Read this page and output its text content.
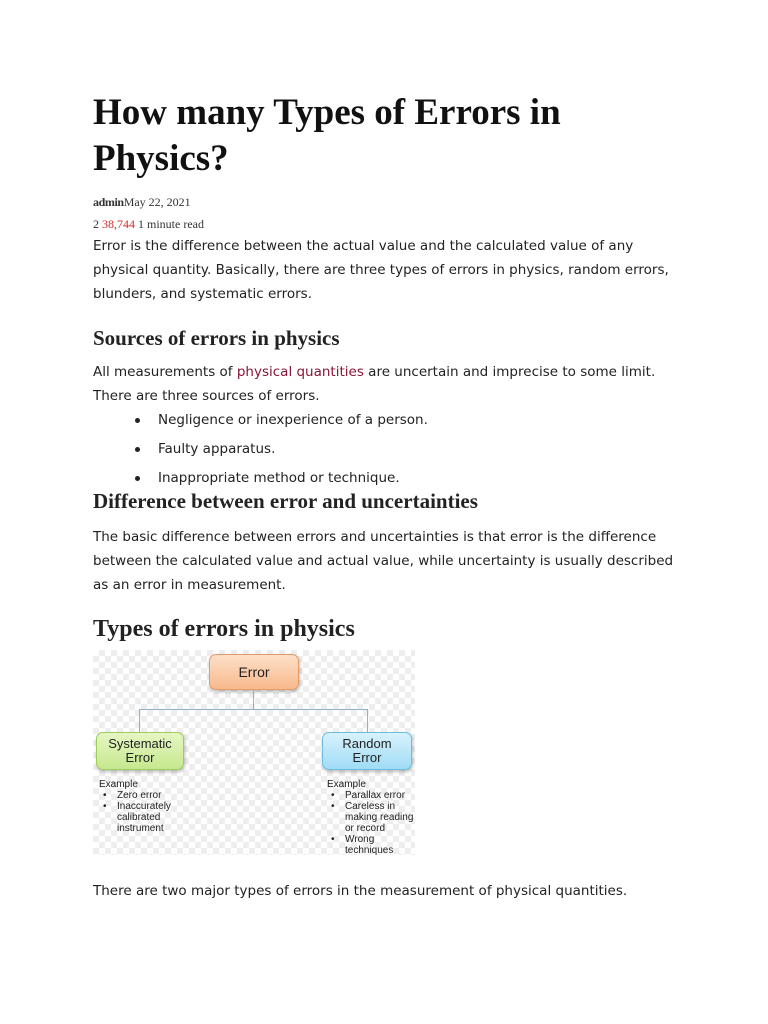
How many Types of Errors in Physics?
adminMay 22, 2021
2 38,744 1 minute read

Error is the difference between the actual value and the calculated value of any physical quantity. Basically, there are three types of errors in physics, random errors, blunders, and systematic errors.

Sources of errors in physics

All measurements of physical quantities are uncertain and imprecise to some limit. There are three sources of errors.

Negligence or inexperience of a person.
Faulty apparatus.
Inappropriate method or technique.
Difference between error and uncertainties

The basic difference between errors and uncertainties is that error is the difference between the calculated value and actual value, while uncertainty is usually described as an error in measurement.

Types of errors in physics
Error
Systematic
Error
Random
Error
Example
• Zero error
• Inaccurately calibrated instrument
Example
• Parallax error
• Careless in making reading or record
• Wrong techniques

There are two major types of errors in the measurement of physical quantities.
